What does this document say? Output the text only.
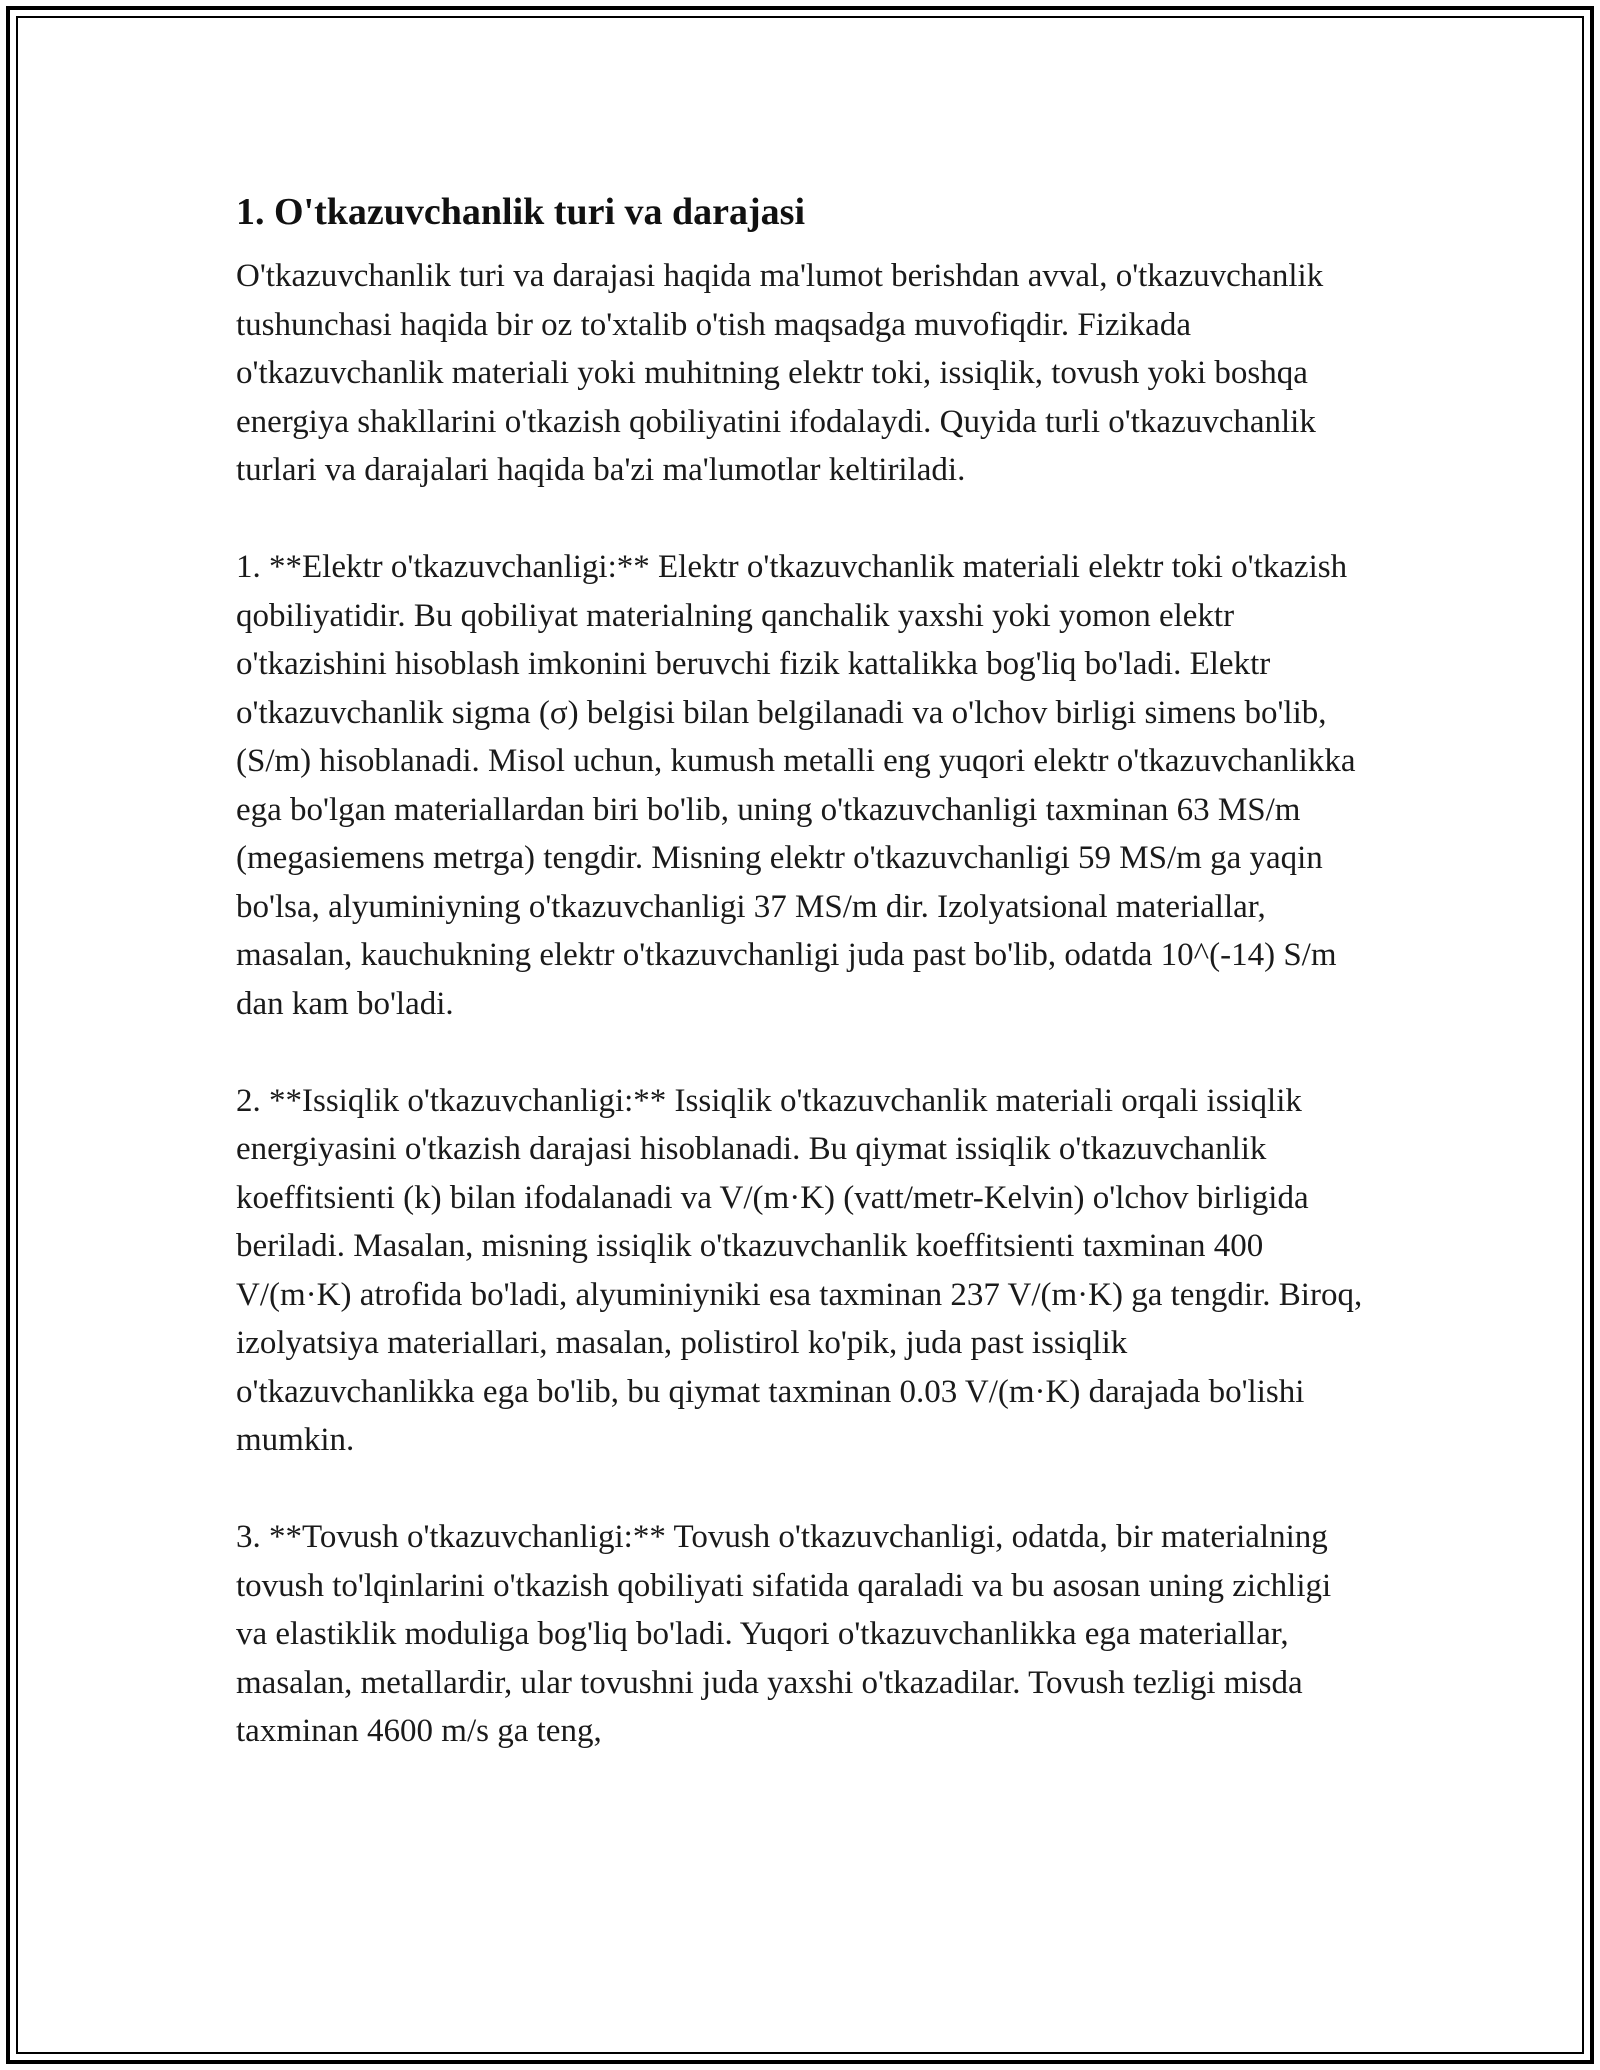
1. O'tkazuvchanlik turi va darajasi

O'tkazuvchanlik turi va darajasi haqida ma'lumot berishdan avval, o'tkazuvchanlik tushunchasi haqida bir oz to'xtalib o'tish maqsadga muvofiqdir. Fizikada o'tkazuvchanlik materiali yoki muhitning elektr toki, issiqlik, tovush yoki boshqa energiya shakllarini o'tkazish qobiliyatini ifodalaydi. Quyida turli o'tkazuvchanlik turlari va darajalari haqida ba'zi ma'lumotlar keltiriladi.

1. **Elektr o'tkazuvchanligi:** Elektr o'tkazuvchanlik materiali elektr toki o'tkazish qobiliyatidir. Bu qobiliyat materialning qanchalik yaxshi yoki yomon elektr o'tkazishini hisoblash imkonini beruvchi fizik kattalikka bog'liq bo'ladi. Elektr o'tkazuvchanlik sigma (σ) belgisi bilan belgilanadi va o'lchov birligi simens bo'lib, (S/m) hisoblanadi. Misol uchun, kumush metalli eng yuqori elektr o'tkazuvchanlikka ega bo'lgan materiallardan biri bo'lib, uning o'tkazuvchanligi taxminan 63 MS/m (megasiemens metrga) tengdir. Misning elektr o'tkazuvchanligi 59 MS/m ga yaqin bo'lsa, alyuminiyning o'tkazuvchanligi 37 MS/m dir. Izolyatsional materiallar, masalan, kauchukning elektr o'tkazuvchanligi juda past bo'lib, odatda 10^(-14) S/m dan kam bo'ladi.

2. **Issiqlik o'tkazuvchanligi:** Issiqlik o'tkazuvchanlik materiali orqali issiqlik energiyasini o'tkazish darajasi hisoblanadi. Bu qiymat issiqlik o'tkazuvchanlik koeffitsienti (k) bilan ifodalanadi va V/(m·K) (vatt/metr-Kelvin) o'lchov birligida beriladi. Masalan, misning issiqlik o'tkazuvchanlik koeffitsienti taxminan 400 V/(m·K) atrofida bo'ladi, alyuminiyniki esa taxminan 237 V/(m·K) ga tengdir. Biroq, izolyatsiya materiallari, masalan, polistirol ko'pik, juda past issiqlik o'tkazuvchanlikka ega bo'lib, bu qiymat taxminan 0.03 V/(m·K) darajada bo'lishi mumkin.

3. **Tovush o'tkazuvchanligi:** Tovush o'tkazuvchanligi, odatda, bir materialning tovush to'lqinlarini o'tkazish qobiliyati sifatida qaraladi va bu asosan uning zichligi va elastiklik moduliga bog'liq bo'ladi. Yuqori o'tkazuvchanlikka ega materiallar, masalan, metallardir, ular tovushni juda yaxshi o'tkazadilar. Tovush tezligi misda taxminan 4600 m/s ga teng,
